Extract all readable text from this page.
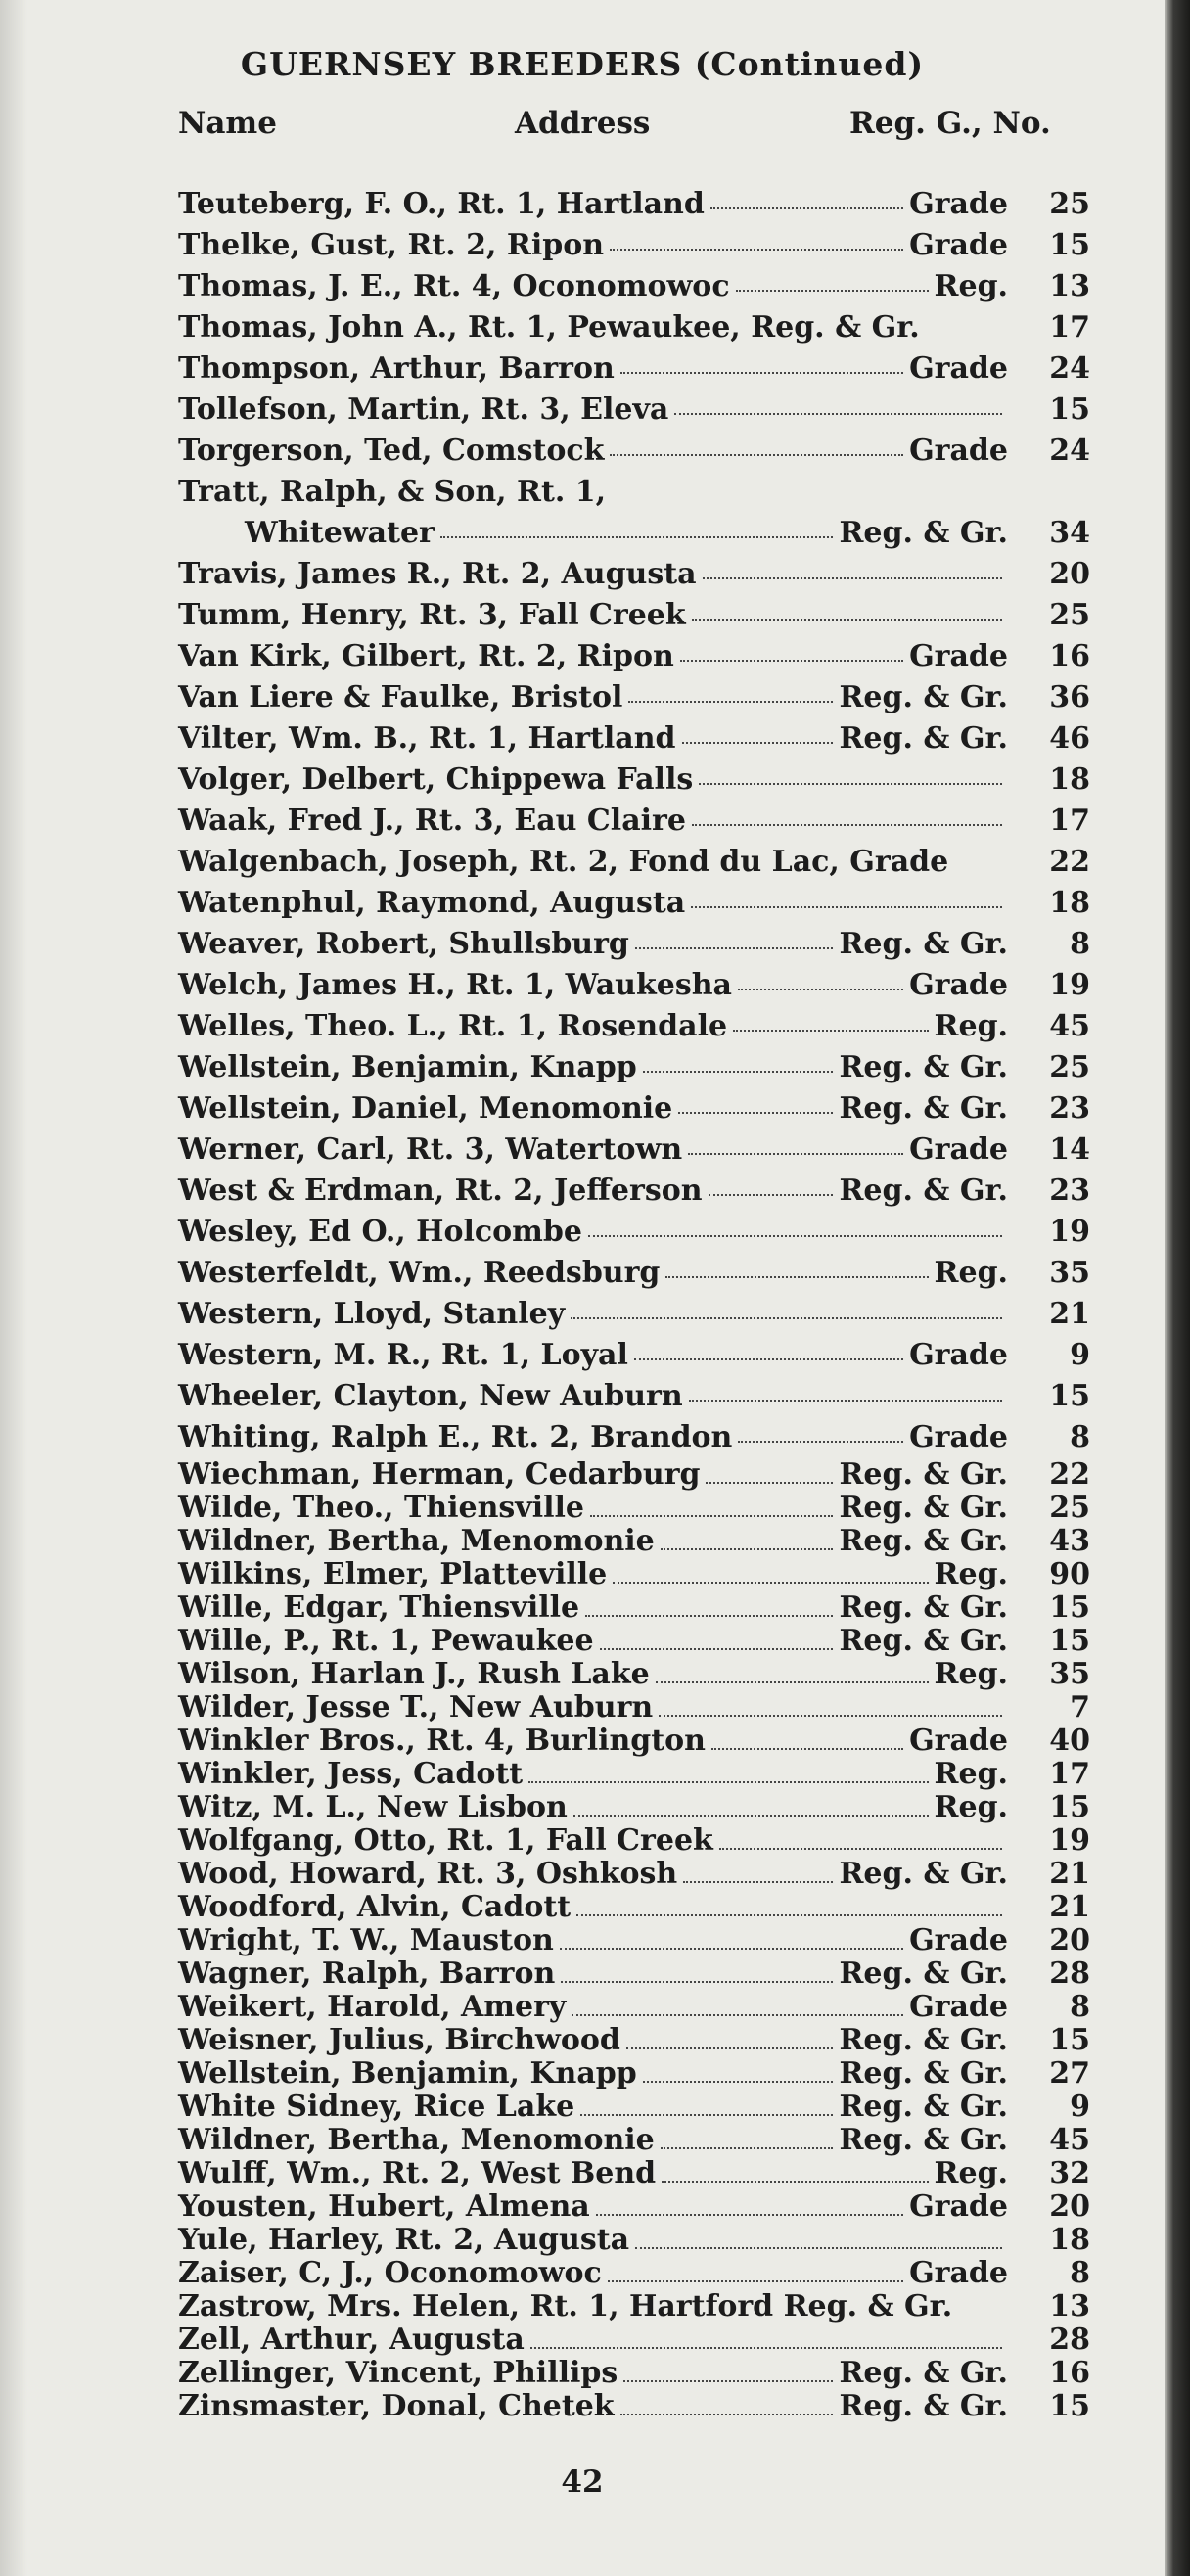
GUERNSEY BREEDERS (Continued)
Name	Address	Reg. G., No.
Teuteberg, F. O., Rt. 1, Hartland	Grade	25
Thelke, Gust, Rt. 2, Ripon	Grade	15
Thomas, J. E., Rt. 4, Oconomowoc	Reg.	13
Thomas, John A., Rt. 1, Pewaukee, Reg. & Gr.	17
Thompson, Arthur, Barron	Grade	24
Tollefson, Martin, Rt. 3, Eleva	15
Torgerson, Ted, Comstock	Grade	24
Tratt, Ralph, & Son, Rt. 1,
Whitewater	Reg. & Gr.	34
Travis, James R., Rt. 2, Augusta	20
Tumm, Henry, Rt. 3, Fall Creek	25
Van Kirk, Gilbert, Rt. 2, Ripon	Grade	16
Van Liere & Faulke, Bristol	Reg. & Gr.	36
Vilter, Wm. B., Rt. 1, Hartland	Reg. & Gr.	46
Volger, Delbert, Chippewa Falls	18
Waak, Fred J., Rt. 3, Eau Claire	17
Walgenbach, Joseph, Rt. 2, Fond du Lac, Grade	22
Watenphul, Raymond, Augusta	18
Weaver, Robert, Shullsburg	Reg. & Gr.	8
Welch, James H., Rt. 1, Waukesha	Grade	19
Welles, Theo. L., Rt. 1, Rosendale	Reg.	45
Wellstein, Benjamin, Knapp	Reg. & Gr.	25
Wellstein, Daniel, Menomonie	Reg. & Gr.	23
Werner, Carl, Rt. 3, Watertown	Grade	14
West & Erdman, Rt. 2, Jefferson	Reg. & Gr.	23
Wesley, Ed O., Holcombe	19
Westerfeldt, Wm., Reedsburg	Reg.	35
Western, Lloyd, Stanley	21
Western, M. R., Rt. 1, Loyal	Grade	9
Wheeler, Clayton, New Auburn	15
Whiting, Ralph E., Rt. 2, Brandon	Grade	8
Wiechman, Herman, Cedarburg	Reg. & Gr.	22
Wilde, Theo., Thiensville	Reg. & Gr.	25
Wildner, Bertha, Menomonie	Reg. & Gr.	43
Wilkins, Elmer, Platteville	Reg.	90
Wille, Edgar, Thiensville	Reg. & Gr.	15
Wille, P., Rt. 1, Pewaukee	Reg. & Gr.	15
Wilson, Harlan J., Rush Lake	Reg.	35
Wilder, Jesse T., New Auburn	7
Winkler Bros., Rt. 4, Burlington	Grade	40
Winkler, Jess, Cadott	Reg.	17
Witz, M. L., New Lisbon	Reg.	15
Wolfgang, Otto, Rt. 1, Fall Creek	19
Wood, Howard, Rt. 3, Oshkosh	Reg. & Gr.	21
Woodford, Alvin, Cadott	21
Wright, T. W., Mauston	Grade	20
Wagner, Ralph, Barron	Reg. & Gr.	28
Weikert, Harold, Amery	Grade	8
Weisner, Julius, Birchwood	Reg. & Gr.	15
Wellstein, Benjamin, Knapp	Reg. & Gr.	27
White Sidney, Rice Lake	Reg. & Gr.	9
Wildner, Bertha, Menomonie	Reg. & Gr.	45
Wulff, Wm., Rt. 2, West Bend	Reg.	32
Yousten, Hubert, Almena	Grade	20
Yule, Harley, Rt. 2, Augusta	18
Zaiser, C, J., Oconomowoc	Grade	8
Zastrow, Mrs. Helen, Rt. 1, Hartford Reg. & Gr.	13
Zell, Arthur, Augusta	28
Zellinger, Vincent, Phillips	Reg. & Gr.	16
Zinsmaster, Donal, Chetek	Reg. & Gr.	15
42
